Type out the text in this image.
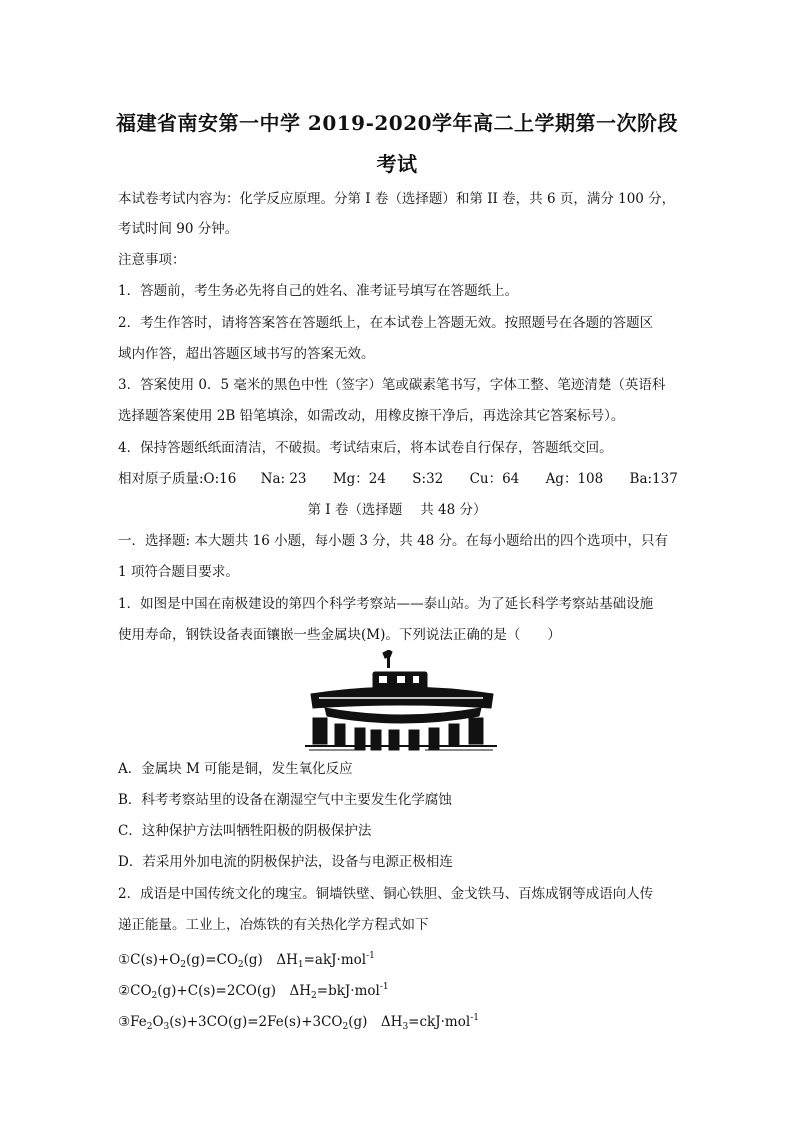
福建省南安第一中学 2019-2020学年高二上学期第一次阶段
考试
本试卷考试内容为：化学反应原理。分第 I 卷（选择题）和第 II 卷，共 6 页，满分 100 分，
考试时间 90 分钟。
注意事项：
1．答题前，考生务必先将自己的姓名、准考证号填写在答题纸上。
2．考生作答时，请将答案答在答题纸上，在本试卷上答题无效。按照题号在各题的答题区
域内作答，超出答题区域书写的答案无效。
3．答案使用 0．5 毫米的黑色中性（签字）笔或碳素笔书写，字体工整、笔迹清楚（英语科
选择题答案使用 2B 铅笔填涂，如需改动，用橡皮擦干净后，再选涂其它答案标号）。
4．保持答题纸纸面清洁，不破损。考试结束后，将本试卷自行保存，答题纸交回。
相对原子质量:O:16 Na: 23 Mg：24 S:32 Cu：64 Ag：108 Ba:137
第 I 卷（选择题　 共 48 分）
一．选择题: 本大题共 16 小题，每小题 3 分，共 48 分。在每小题给出的四个选项中，只有
1 项符合题目要求。
1．如图是中国在南极建设的第四个科学考察站——泰山站。为了延长科学考察站基础设施
使用寿命，钢铁设备表面镶嵌一些金属块(M)。下列说法正确的是（　　）
A．金属块 M 可能是铜，发生氧化反应
B．科考考察站里的设备在潮湿空气中主要发生化学腐蚀
C．这种保护方法叫牺牲阳极的阴极保护法
D．若采用外加电流的阴极保护法，设备与电源正极相连
2．成语是中国传统文化的瑰宝。铜墙铁壁、铜心铁胆、金戈铁马、百炼成钢等成语向人传
递正能量。工业上，冶炼铁的有关热化学方程式如下
$①C(s)+O_2(g)=CO_2(g)$　$\Delta H_1=akJ\cdot mol^{-1}$
$②CO_2(g)+C(s)=2CO(g)$　$\Delta H_2=bkJ\cdot mol^{-1}$
$③Fe_2O_3(s)+3CO(g)=2Fe(s)+3CO_2(g)$　$\Delta H_3=ckJ\cdot mol^{-1}$
